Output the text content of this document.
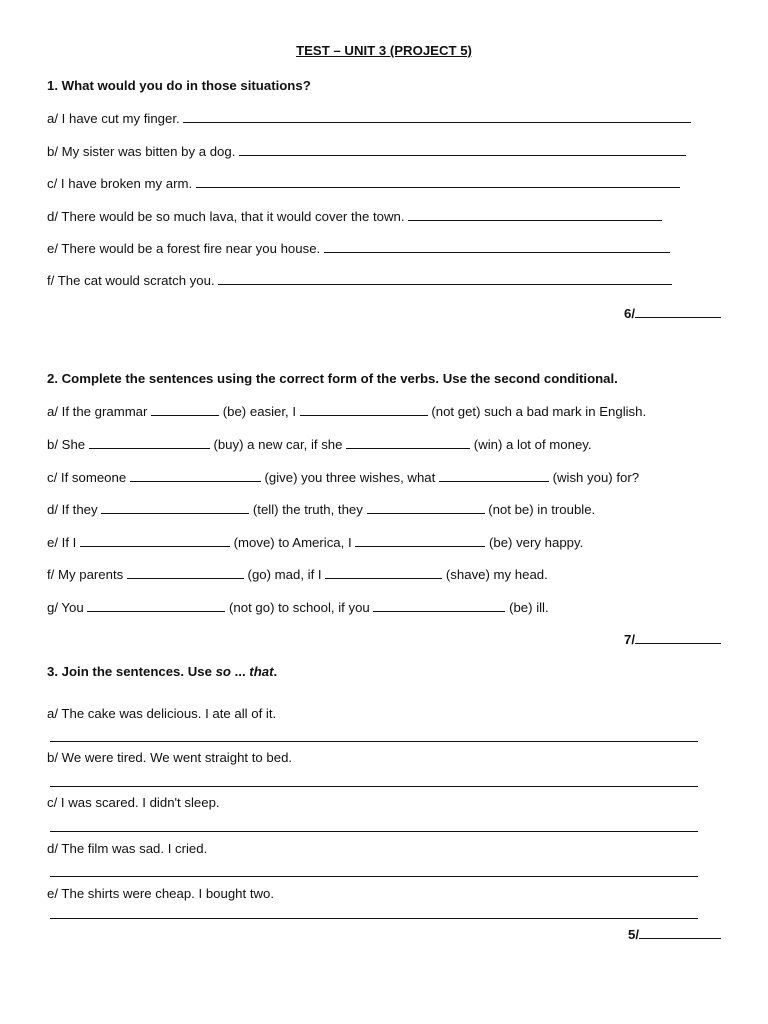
TEST – UNIT 3 (PROJECT 5)
1. What would you do in those situations?
a/ I have cut my finger.
b/ My sister was bitten by a dog.
c/ I have broken my arm.
d/ There would be so much lava, that it would cover the town.
e/ There would be a forest fire near you house.
f/ The cat would scratch you.
6/
2. Complete the sentences using the correct form of the verbs. Use the second conditional.
a/ If the grammar	(be) easier, I	(not get) such a bad mark in English.
b/ She	(buy) a new car, if she	(win) a lot of money.
c/ If someone	(give) you three wishes, what	(wish you) for?
d/ If they	(tell) the truth, they	(not be) in trouble.
e/ If I	(move) to America, I	(be) very happy.
f/ My parents	(go) mad, if I	(shave) my head.
g/ You	(not go) to school, if you	(be) ill.
7/
3. Join the sentences. Use so ... that.
a/ The cake was delicious. I ate all of it.
b/ We were tired. We went straight to bed.
c/ I was scared. I didn't sleep.
d/ The film was sad. I cried.
e/ The shirts were cheap. I bought two.
5/
